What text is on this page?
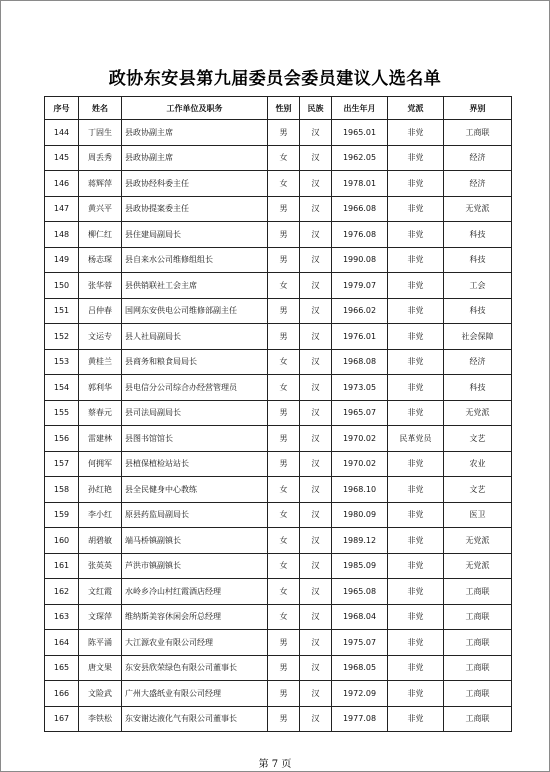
政协东安县第九届委员会委员建议人选名单
序号	姓名	工作单位及职务	性别	民族	出生年月	党派	界别
144	丁固生	县政协副主席	男	汉	1965.01	非党	工商联
145	周丢秀	县政协副主席	女	汉	1962.05	非党	经济
146	蒋辉萍	县政协经科委主任	女	汉	1978.01	非党	经济
147	黄兴平	县政协提案委主任	男	汉	1966.08	非党	无党派
148	柳仁红	县住建局副局长	男	汉	1976.08	非党	科技
149	杨志琛	县自来水公司维修组组长	男	汉	1990.08	非党	科技
150	张华蓉	县供销联社工会主席	女	汉	1979.07	非党	工会
151	吕仲春	国网东安供电公司维修部副主任	男	汉	1966.02	非党	科技
152	文运专	县人社局副局长	男	汉	1976.01	非党	社会保障
153	黄桂兰	县商务和粮食局局长	女	汉	1968.08	非党	经济
154	郭利华	县电信分公司综合办经营管理员	女	汉	1973.05	非党	科技
155	蔡春元	县司法局副局长	男	汉	1965.07	非党	无党派
156	雷建林	县图书馆馆长	男	汉	1970.02	民革党员	文艺
157	何拥军	县植保植检站站长	男	汉	1970.02	非党	农业
158	孙红艳	县全民健身中心教练	女	汉	1968.10	非党	文艺
159	李小红	原县药监局副局长	女	汉	1980.09	非党	医卫
160	胡碧敏	端马桥镇副镇长	女	汉	1989.12	非党	无党派
161	张英英	芦洪市镇副镇长	女	汉	1985.09	非党	无党派
162	文红霞	水岭乡冷山村红霞酒店经理	女	汉	1965.08	非党	工商联
163	文琛萍	维纳斯美容休闲会所总经理	女	汉	1968.04	非党	工商联
164	陈平涌	大江源农业有限公司经理	男	汉	1975.07	非党	工商联
165	唐文果	东安县欣荣绿色有限公司董事长	男	汉	1968.05	非党	工商联
166	文险武	广州大盛纸业有限公司经理	男	汉	1972.09	非党	工商联
167	李铁松	东安谢达液化气有限公司董事长	男	汉	1977.08	非党	工商联
第 7 页
